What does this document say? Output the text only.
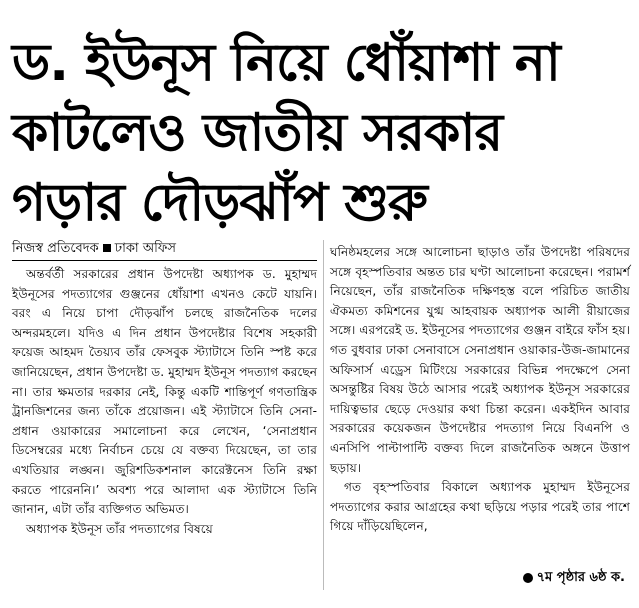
ড. ইউনূস নিয়ে ধোঁয়াশা না
কাটলেও জাতীয় সরকার
গড়ার দৌড়ঝাঁপ শুরু
নিজস্ব প্রতিবেদক ঢাকা অফিস

অন্তর্বর্তী সরকারের প্রধান উপদেষ্টা অধ্যাপক ড. মুহাম্মদ ইউনূসের পদত্যাগের গুঞ্জনের ধোঁয়াশা এখনও কেটে যায়নি। বরং এ নিয়ে চাপা দৌড়ঝাঁপ চলছে রাজনৈতিক দলের অন্দরমহলে। যদিও এ দিন প্রধান উপদেষ্টার বিশেষ সহকারী ফয়েজ আহমদ তৈয়্যব তাঁর ফেসবুক স্ট্যাটাসে তিনি স্পষ্ট করে জানিয়েছেন, প্রধান উপদেষ্টা ড. মুহাম্মদ ইউনূস পদত্যাগ করছেন না। তার ক্ষমতার দরকার নেই, কিন্তু একটি শান্তিপূর্ণ গণতান্ত্রিক ট্রানজিশনের জন্য তাঁকে প্রয়োজন। এই স্ট্যাটাসে তিনি সেনা-প্রধান ওয়াকারের সমালোচনা করে লেখেন, ‘সেনাপ্রধান ডিসেম্বরের মধ্যে নির্বাচন চেয়ে যে বক্তব্য দিয়েছেন, তা তার এখতিয়ার লঙ্ঘন। জুরিশডিকশনাল কারেক্টনেস তিনি রক্ষা করতে পারেননি।’ অবশ্য পরে আলাদা এক স্ট্যাটাসে তিনি জানান, এটা তাঁর ব্যক্তিগত অভিমত।

অধ্যাপক ইউনূস তাঁর পদত্যাগের বিষয়ে

ঘনিষ্ঠমহলের সঙ্গে আলোচনা ছাড়াও তাঁর উপদেষ্টা পরিষদের সঙ্গে বৃহস্পতিবার অন্তত চার ঘণ্টা আলোচনা করেছেন। পরামর্শ নিয়েছেন, তাঁর রাজনৈতিক দক্ষিণহস্ত বলে পরিচিত জাতীয় ঐকমত্য কমিশনের যুগ্ম আহবায়ক অধ্যাপক আলী রীয়াজের সঙ্গে। এরপরেই ড. ইউনূসের পদত্যাগের গুঞ্জন বাইরে ফাঁস হয়। গত বুধবার ঢাকা সেনাবাসে সেনাপ্রধান ওয়াকার-উজ-জামানের অফিসার্স এড্রেস মিটিংয়ে সরকারের বিভিন্ন পদক্ষেপে সেনা অসন্তুষ্টির বিষয় উঠে আসার পরেই অধ্যাপক ইউনূস সরকারের দায়িত্বভার ছেড়ে দেওয়ার কথা চিন্তা করেন। একইদিন আবার সরকারের কয়েকজন উপদেষ্টার পদত্যাগ নিয়ে বিএনপি ও এনসিপি পাল্টাপাল্টি বক্তব্য দিলে রাজনৈতিক অঙ্গনে উত্তাপ ছড়ায়।

গত বৃহস্পতিবার বিকালে অধ্যাপক মুহাম্মদ ইউনূসের পদত্যাগের করার আগ্রহের কথা ছড়িয়ে পড়ার পরেই তার পাশে গিয়ে দাঁড়িয়েছিলেন,

৭ম পৃষ্ঠার ৬ষ্ঠ ক.
